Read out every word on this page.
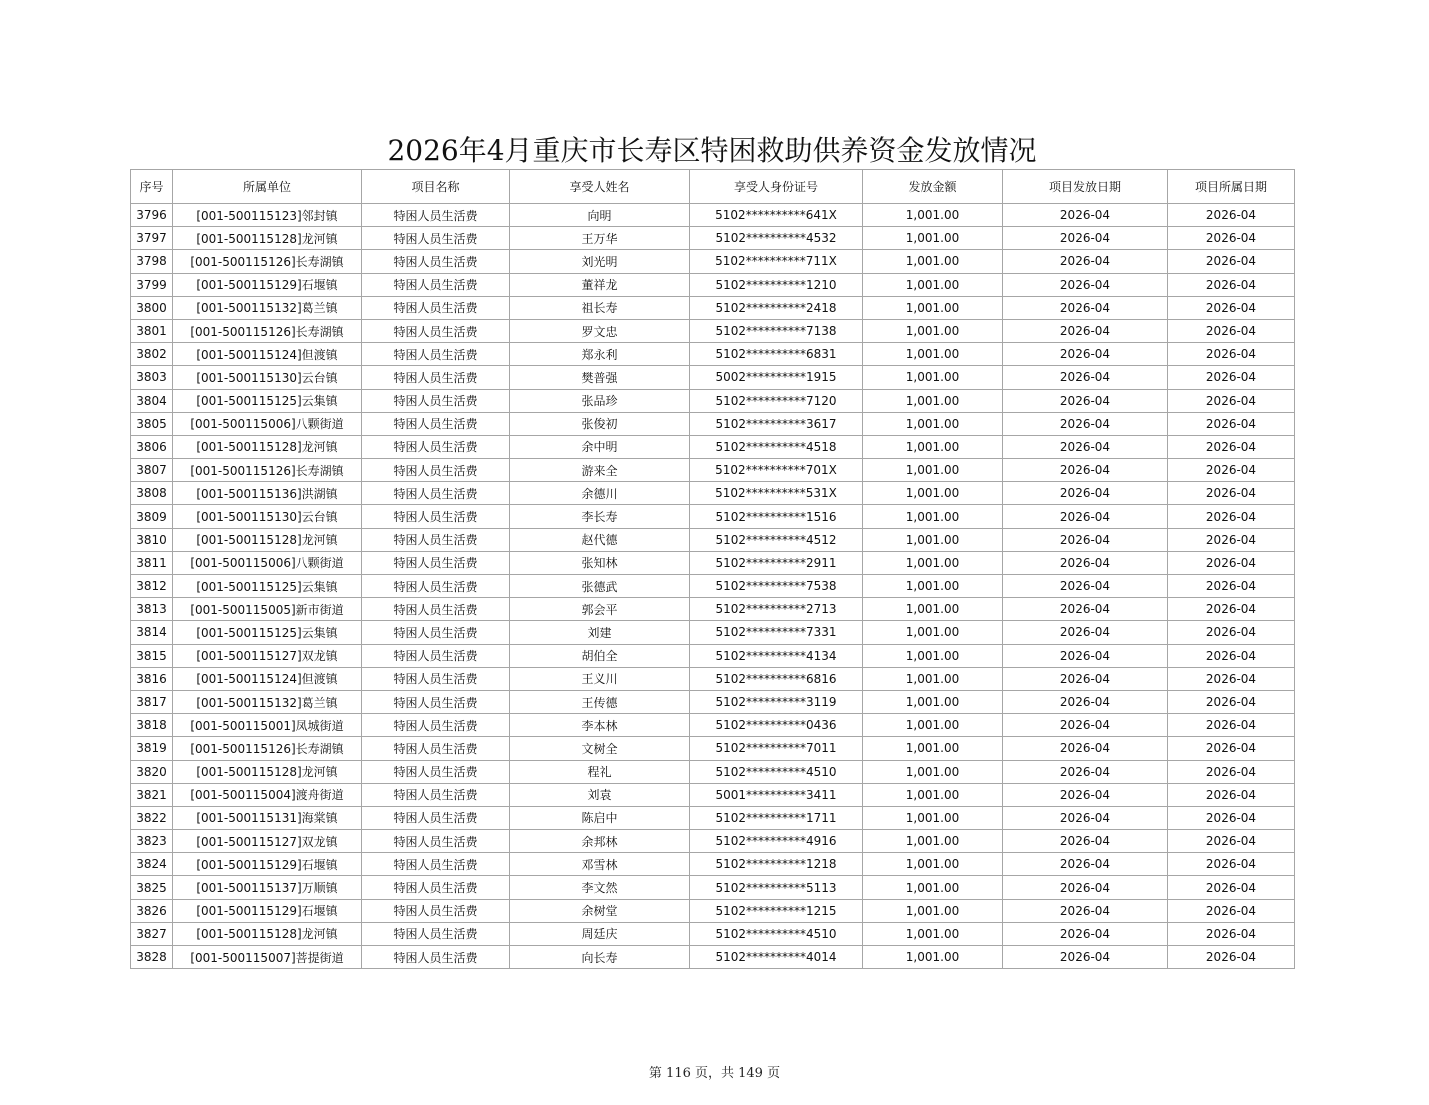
2026年4月重庆市长寿区特困救助供养资金发放情况
序号	所属单位	项目名称	享受人姓名	享受人身份证号	发放金额	项目发放日期	项目所属日期
3796	[001-500115123]邻封镇	特困人员生活费	向明	5102**********641X	1,001.00	2026-04	2026-04
3797	[001-500115128]龙河镇	特困人员生活费	王万华	5102**********4532	1,001.00	2026-04	2026-04
3798	[001-500115126]长寿湖镇	特困人员生活费	刘光明	5102**********711X	1,001.00	2026-04	2026-04
3799	[001-500115129]石堰镇	特困人员生活费	董祥龙	5102**********1210	1,001.00	2026-04	2026-04
3800	[001-500115132]葛兰镇	特困人员生活费	祖长寿	5102**********2418	1,001.00	2026-04	2026-04
3801	[001-500115126]长寿湖镇	特困人员生活费	罗文忠	5102**********7138	1,001.00	2026-04	2026-04
3802	[001-500115124]但渡镇	特困人员生活费	郑永利	5102**********6831	1,001.00	2026-04	2026-04
3803	[001-500115130]云台镇	特困人员生活费	樊普强	5002**********1915	1,001.00	2026-04	2026-04
3804	[001-500115125]云集镇	特困人员生活费	张品珍	5102**********7120	1,001.00	2026-04	2026-04
3805	[001-500115006]八颗街道	特困人员生活费	张俊初	5102**********3617	1,001.00	2026-04	2026-04
3806	[001-500115128]龙河镇	特困人员生活费	余中明	5102**********4518	1,001.00	2026-04	2026-04
3807	[001-500115126]长寿湖镇	特困人员生活费	游来全	5102**********701X	1,001.00	2026-04	2026-04
3808	[001-500115136]洪湖镇	特困人员生活费	余德川	5102**********531X	1,001.00	2026-04	2026-04
3809	[001-500115130]云台镇	特困人员生活费	李长寿	5102**********1516	1,001.00	2026-04	2026-04
3810	[001-500115128]龙河镇	特困人员生活费	赵代德	5102**********4512	1,001.00	2026-04	2026-04
3811	[001-500115006]八颗街道	特困人员生活费	张知林	5102**********2911	1,001.00	2026-04	2026-04
3812	[001-500115125]云集镇	特困人员生活费	张德武	5102**********7538	1,001.00	2026-04	2026-04
3813	[001-500115005]新市街道	特困人员生活费	郭会平	5102**********2713	1,001.00	2026-04	2026-04
3814	[001-500115125]云集镇	特困人员生活费	刘建	5102**********7331	1,001.00	2026-04	2026-04
3815	[001-500115127]双龙镇	特困人员生活费	胡伯全	5102**********4134	1,001.00	2026-04	2026-04
3816	[001-500115124]但渡镇	特困人员生活费	王义川	5102**********6816	1,001.00	2026-04	2026-04
3817	[001-500115132]葛兰镇	特困人员生活费	王传德	5102**********3119	1,001.00	2026-04	2026-04
3818	[001-500115001]凤城街道	特困人员生活费	李本林	5102**********0436	1,001.00	2026-04	2026-04
3819	[001-500115126]长寿湖镇	特困人员生活费	文树全	5102**********7011	1,001.00	2026-04	2026-04
3820	[001-500115128]龙河镇	特困人员生活费	程礼	5102**********4510	1,001.00	2026-04	2026-04
3821	[001-500115004]渡舟街道	特困人员生活费	刘袁	5001**********3411	1,001.00	2026-04	2026-04
3822	[001-500115131]海棠镇	特困人员生活费	陈启中	5102**********1711	1,001.00	2026-04	2026-04
3823	[001-500115127]双龙镇	特困人员生活费	余邦林	5102**********4916	1,001.00	2026-04	2026-04
3824	[001-500115129]石堰镇	特困人员生活费	邓雪林	5102**********1218	1,001.00	2026-04	2026-04
3825	[001-500115137]万顺镇	特困人员生活费	李文然	5102**********5113	1,001.00	2026-04	2026-04
3826	[001-500115129]石堰镇	特困人员生活费	余树堂	5102**********1215	1,001.00	2026-04	2026-04
3827	[001-500115128]龙河镇	特困人员生活费	周廷庆	5102**********4510	1,001.00	2026-04	2026-04
3828	[001-500115007]菩提街道	特困人员生活费	向长寿	5102**********4014	1,001.00	2026-04	2026-04
第 116 页，共 149 页
